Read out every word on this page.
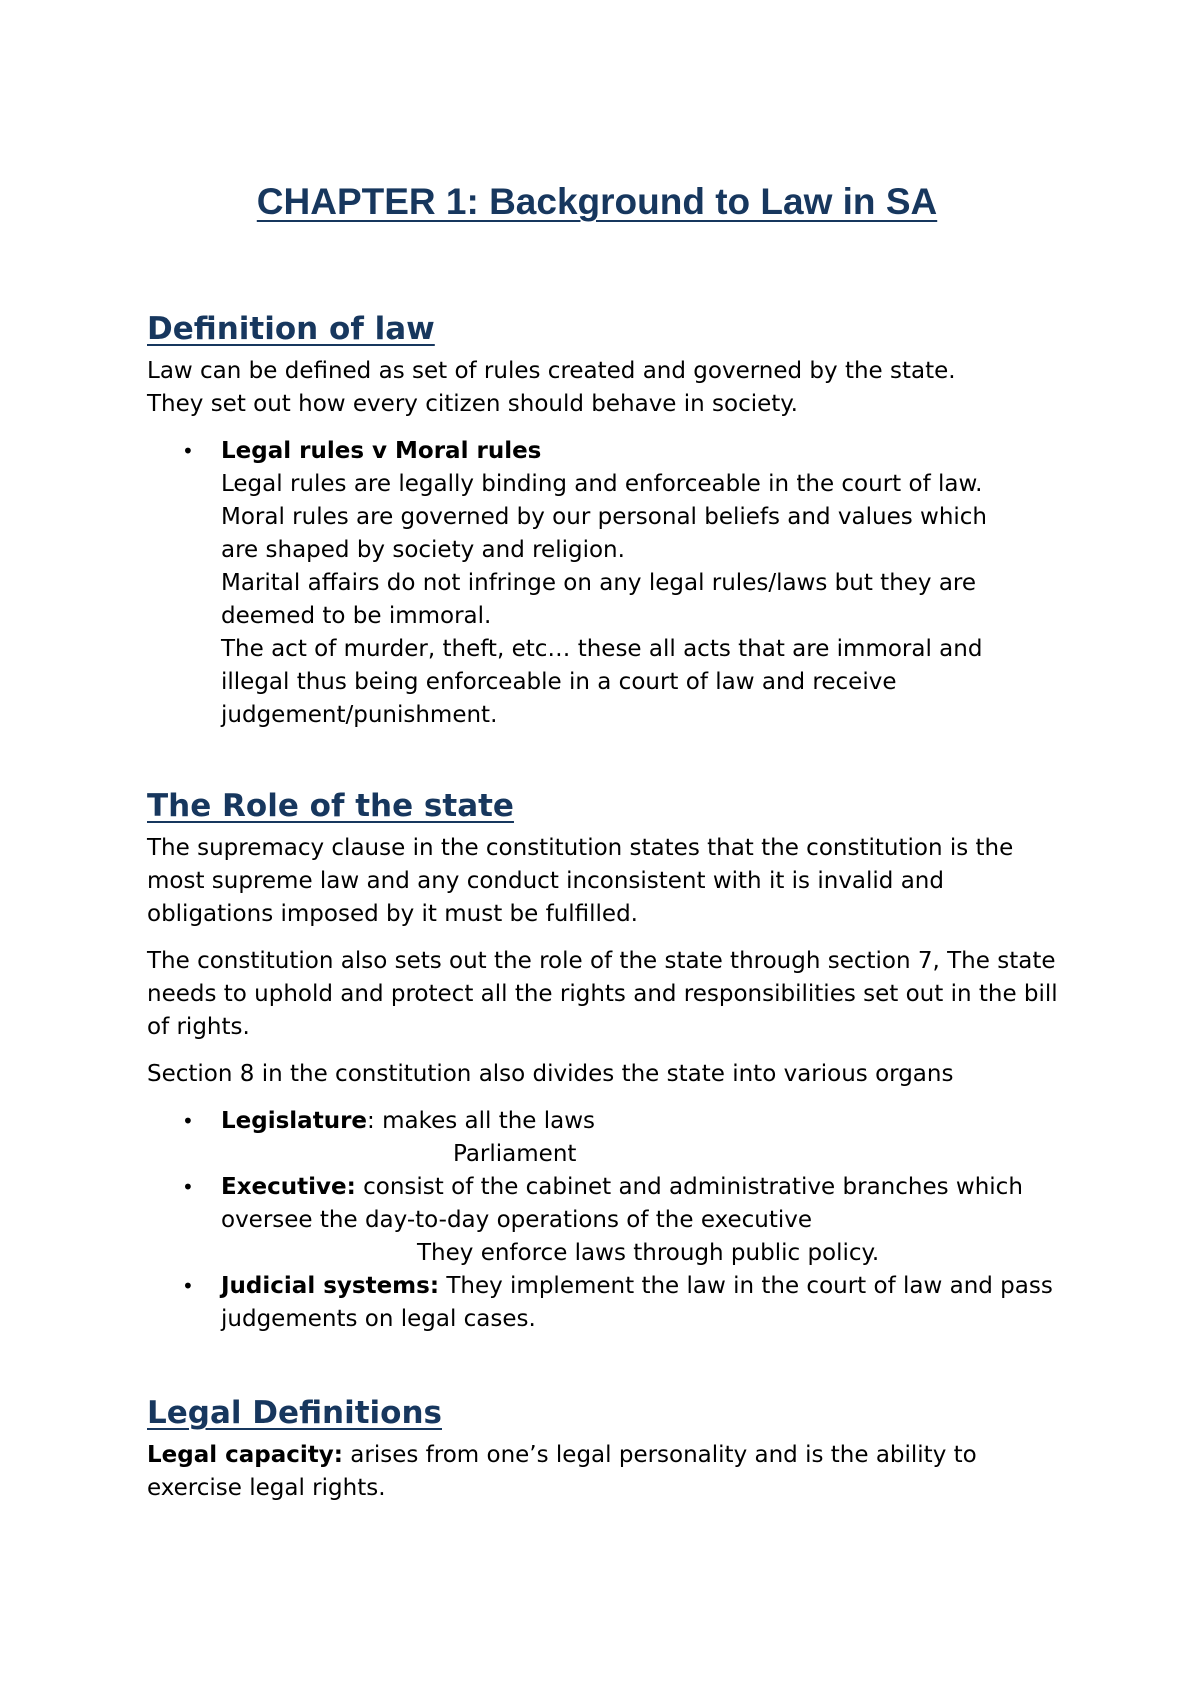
CHAPTER 1: Background to Law in SA
Definition of law

Law can be defined as set of rules created and governed by the state.
They set out how every citizen should behave in society.

• Legal rules v Moral rules
Legal rules are legally binding and enforceable in the court of law.
Moral rules are governed by our personal beliefs and values which
are shaped by society and religion.
Marital affairs do not infringe on any legal rules/laws but they are
deemed to be immoral.
The act of murder, theft, etc… these all acts that are immoral and
illegal thus being enforceable in a court of law and receive
judgement/punishment.
The Role of the state

The supremacy clause in the constitution states that the constitution is the most supreme law and any conduct inconsistent with it is invalid and obligations imposed by it must be fulfilled.

The constitution also sets out the role of the state through section 7, The state needs to uphold and protect all the rights and responsibilities set out in the bill of rights.

Section 8 in the constitution also divides the state into various organs

• Legislature: makes all the laws
Parliament
• Executive: consist of the cabinet and administrative branches which oversee the day-to-day operations of the executive
They enforce laws through public policy.
• Judicial systems: They implement the law in the court of law and pass judgements on legal cases.
Legal Definitions

Legal capacity: arises from one’s legal personality and is the ability to exercise legal rights.
